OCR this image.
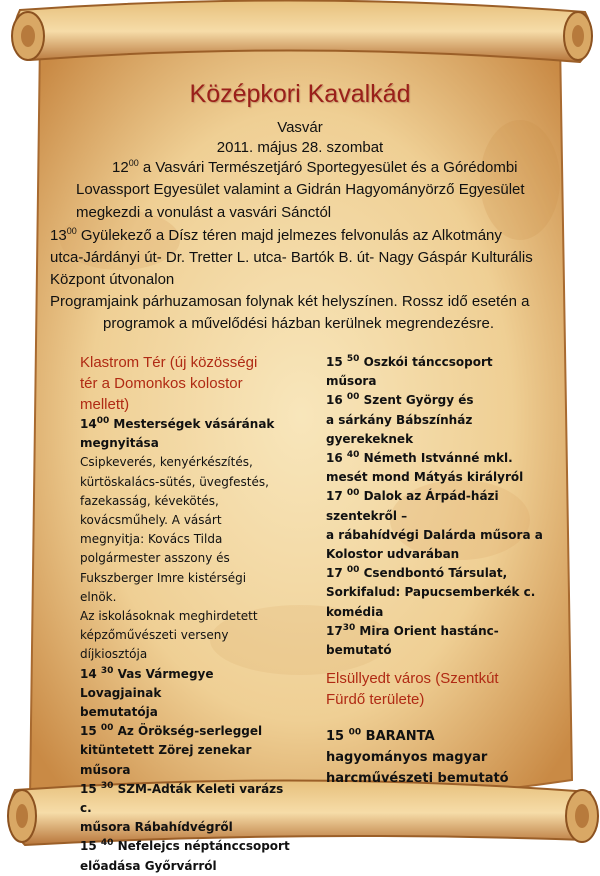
Középkori Kavalkád
Vasvár
2011. május 28. szombat
$12^{00}$ a Vasvári Természetjáró Sportegyesület és a Górédombi
Lovassport Egyesület valamint a Gidrán Hagyományörző Egyesület
megkezdi a vonulást a vasvári Sánctól
$13^{00}$ Gyülekező a Dísz téren majd jelmezes felvonulás az Alkotmány
utca-Járdányi út- Dr. Tretter L. utca- Bartók B. út- Nagy Gáspár Kulturális
Központ útvonalon
Programjaink párhuzamosan folynak két helyszínen. Rossz idő esetén a
programok a művelődési házban kerülnek megrendezésre.
Klastrom Tér (új közösségi
tér a Domonkos kolostor
mellett)
$14^{00}$ Mesterségek vásárának
megnyitása
Csipkeverés, kenyérkészítés,
kürtöskalács-sütés, üvegfestés,
fazekasság, kévekötés,
kovácsműhely. A vásárt
megnyitja: Kovács Tilda
polgármester asszony és
Fukszberger Imre kistérségi
elnök.
Az iskolásoknak meghirdetett
képzőművészeti verseny
díjkiosztója
14 $^{30}$ Vas Vármegye Lovagjainak
bemutatója
15 $^{00}$ Az Örökség-serleggel
kitüntetett Zörej zenekar műsora
15 $^{30}$ SZM-Adták Keleti varázs c.
műsora Rábahídvégről
15 $^{40}$ Nefelejcs néptánccsoport
előadása Győrvárról
15 $^{50}$ Oszkói tánccsoport
műsora
16 $^{00}$ Szent György és
a sárkány Bábszínház
gyerekeknek
16 $^{40}$ Németh Istvánné mkl.
mesét mond Mátyás királyról
17 $^{00}$ Dalok az Árpád-házi
szentekről –
a rábahídvégi Dalárda műsora a
Kolostor udvarában
17 $^{00}$ Csendbontó Társulat,
Sorkifalud: Papucsemberkék c.
komédia
$17^{30}$ Mira Orient hastánc-
bemutató
Elsüllyedt város (Szentkút
Fürdő területe)
15 $^{00}$ BARANTA
hagyományos magyar
harcművészeti bemutató
